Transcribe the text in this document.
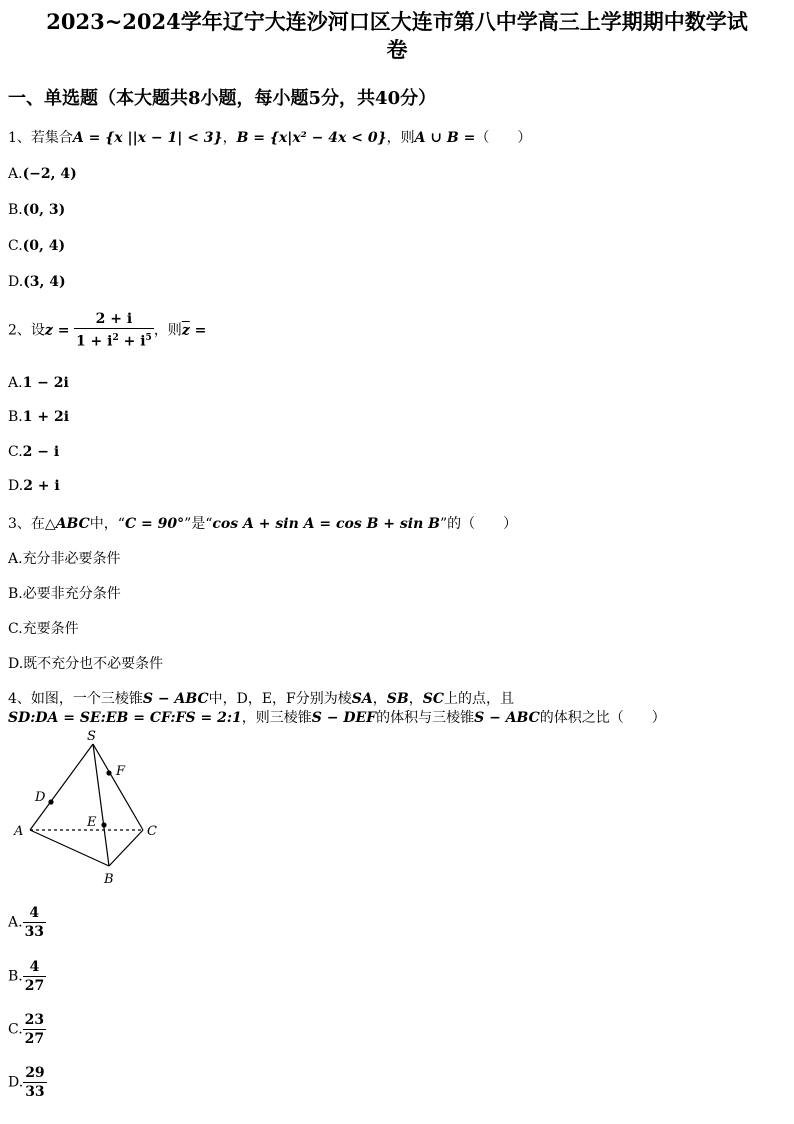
2023~2024学年辽宁大连沙河口区大连市第八中学高三上学期期中数学试
卷
一、单选题（本大题共8小题，每小题5分，共40分）
1、若集合A = {x ||x − 1| < 3}，B = {x|x² − 4x < 0}，则A ∪ B =（　　）
A.(−2, 4)
B.(0, 3)
C.(0, 4)
D.(3, 4)
2、设$z = \frac{2 + i}{1 + i^2 + i^5}$ ，则$\overline{z}$ =
A.1 − 2i
B.1 + 2i
C.2 − i
D.2 + i
3、在△ABC中，“C = 90°”是“cos A + sin A = cos B + sin B”的（　　）
A.充分非必要条件
B.必要非充分条件
C.充要条件
D.既不充分也不必要条件
4、如图，一个三棱锥S − ABC中，D，E，F分别为棱SA，SB，SC上的点，且
SD:DA = SE:EB = CF:FS = 2:1，则三棱锥S − DEF的体积与三棱锥S − ABC的体积之比（　　）
S
F
D
E
A	C
B
A. $\frac{4}{33}$
B. $\frac{4}{27}$
C. $\frac{23}{27}$
D. $\frac{29}{33}$
